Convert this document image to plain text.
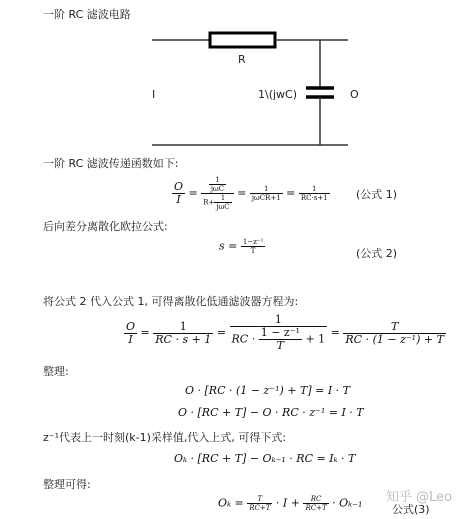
一阶 RC 滤波电路
R
1\(jwC)
I	O
一阶 RC 滤波传递函数如下:
$\frac{O}{I} = \frac{\frac{1}{\text{jωC}}}{R+ \frac{1}{\text{jωC}}} = \frac{1}{\text{jωCR+1}} = \frac{1}{RC\cdot s+1}$ (公式 1)
后向差分离散化欧拉公式:
$s = \frac{\text{1−z⁻¹}}{T}$	(公式 2)
将公式 2 代入公式 1, 可得离散化低通滤波器方程为:
$\frac{O}{I} = \frac{1}{RC \cdot s + 1} = \frac{1}{RC \cdot \frac{\text{1 − z⁻¹}}{T} + 1} = \frac{T}{\text{RC · (1 − z⁻¹) + T}}$
整理:
O · [RC · (1 − z⁻¹) + T] = I · T
O · [RC + T] − O · RC · z⁻¹ = I · T
z⁻¹代表上一时刻(k-1)采样值,代入上式, 可得下式:
Oₖ · [RC + T] − Oₖ₋₁ · RC = Iₖ · T
整理可得:
$O_k = \frac{T}{RC+T} \cdot I + \frac{RC}{RC+T} \cdot O_{k-1}$ 知乎 @Leo
公式(3)
